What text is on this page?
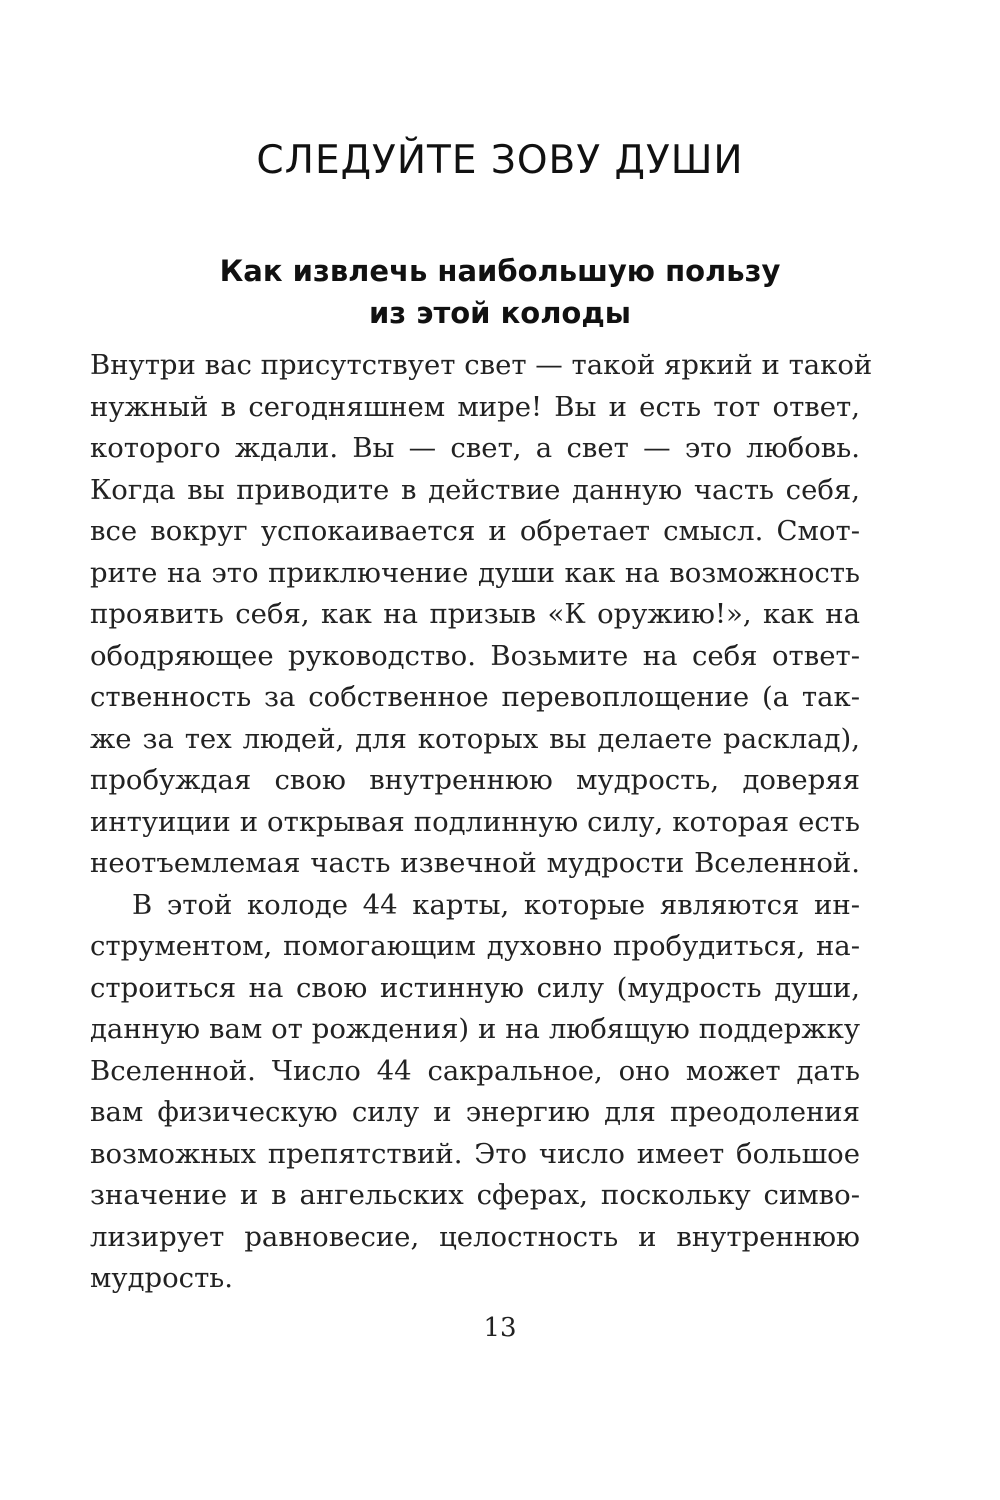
СЛЕДУЙТЕ ЗОВУ ДУШИ
Как извлечь наибольшую пользу
из этой колоды
Внутри вас присутствует свет — такой яркий и такой
нужный в сегодняшнем мире! Вы и есть тот ответ,
которого ждали. Вы — свет, а свет — это любовь.
Когда вы приводите в действие данную часть себя,
все вокруг успокаивается и обретает смысл. Смот-
рите на это приключение души как на возможность
проявить себя, как на призыв «К оружию!», как на
ободряющее руководство. Возьмите на себя ответ-
ственность за собственное перевоплощение (а так-
же за тех людей, для которых вы делаете расклад),
пробуждая свою внутреннюю мудрость, доверяя
интуиции и открывая подлинную силу, которая есть
неотъемлемая часть извечной мудрости Вселенной.
В этой колоде 44 карты, которые являются ин-
струментом, помогающим духовно пробудиться, на-
строиться на свою истинную силу (мудрость души,
данную вам от рождения) и на любящую поддержку
Вселенной. Число 44 сакральное, оно может дать
вам физическую силу и энергию для преодоления
возможных препятствий. Это число имеет большое
значение и в ангельских сферах, поскольку симво-
лизирует равновесие, целостность и внутреннюю
мудрость.
13
